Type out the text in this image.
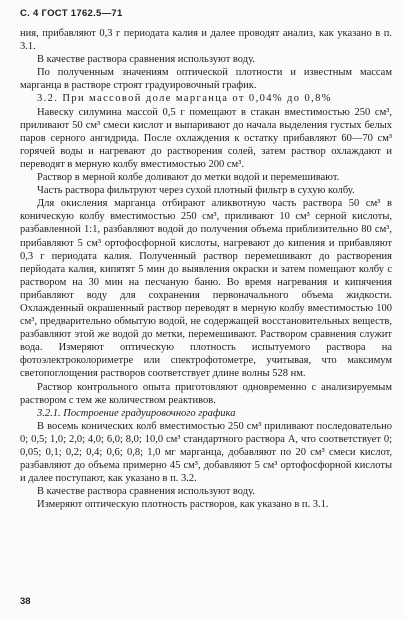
С. 4 ГОСТ 1762.5—71

ния, прибавляют 0,3 г периодата калия и далее проводят анализ, как указано в п. 3.1.

В качестве раствора сравнения используют воду.

По полученным значениям оптической плотности и известным массам марганца в растворе строят градуировочный график.

3.2. При массовой доле марганца от 0,04% до 0,8%

Навеску силумина массой 0,5 г помещают в стакан вместимостью 250 см³, приливают 50 см³ смеси кислот и выпаривают до начала выделения густых белых паров серного ангидрида. После охлаждения к остатку прибавляют 60—70 см³ горячей воды и нагревают до растворения солей, затем раствор охлаждают и переводят в мерную колбу вместимостью 200 см³.

Раствор в мерной колбе доливают до метки водой и перемешивают.

Часть раствора фильтруют через сухой плотный фильтр в сухую колбу.

Для окисления марганца отбирают аликвотную часть раствора 50 см³ в коническую колбу вместимостью 250 см³, приливают 10 см³ серной кислоты, разбавленной 1:1, разбавляют водой до получения объема приблизительно 80 см³, прибавляют 5 см³ ортофосфорной кислоты, нагревают до кипения и прибавляют 0,3 г периодата калия. Полученный раствор перемешивают до растворения перйодата калия, кипятят 5 мин до выявления окраски и затем помещают колбу с раствором на 30 мин на песчаную баню. Во время нагревания и кипячения прибавляют воду для сохранения первоначального объема жидкости. Охлажденный окрашенный раствор переводят в мерную колбу вместимостью 100 см³, предварительно обмытую водой, не содержащей восстановительных веществ, разбавляют этой же водой до метки, перемешивают. Раствором сравнения служит вода. Измеряют оптическую плотность испытуемого раствора на фотоэлектроколориметре или спектрофотометре, учитывая, что максимум светопоглощения растворов соответствует длине волны 528 нм.

Раствор контрольного опыта приготовляют одновременно с анализируемым раствором с тем же количеством реактивов.

3.2.1. Построение градуировочного графика

В восемь конических колб вместимостью 250 см³ приливают последовательно 0; 0,5; 1,0; 2,0; 4,0; 6,0; 8,0; 10,0 см³ стандартного раствора А, что соответствует 0; 0,05; 0,1; 0,2; 0,4; 0,6; 0,8; 1,0 мг марганца, добавляют по 20 см³ смеси кислот, разбавляют до объема примерно 45 см³, добавляют 5 см³ ортофосфорной кислоты и далее поступают, как указано в п. 3.2.

В качестве раствора сравнения используют воду.

Измеряют оптическую плотность растворов, как указано в п. 3.1.

38
